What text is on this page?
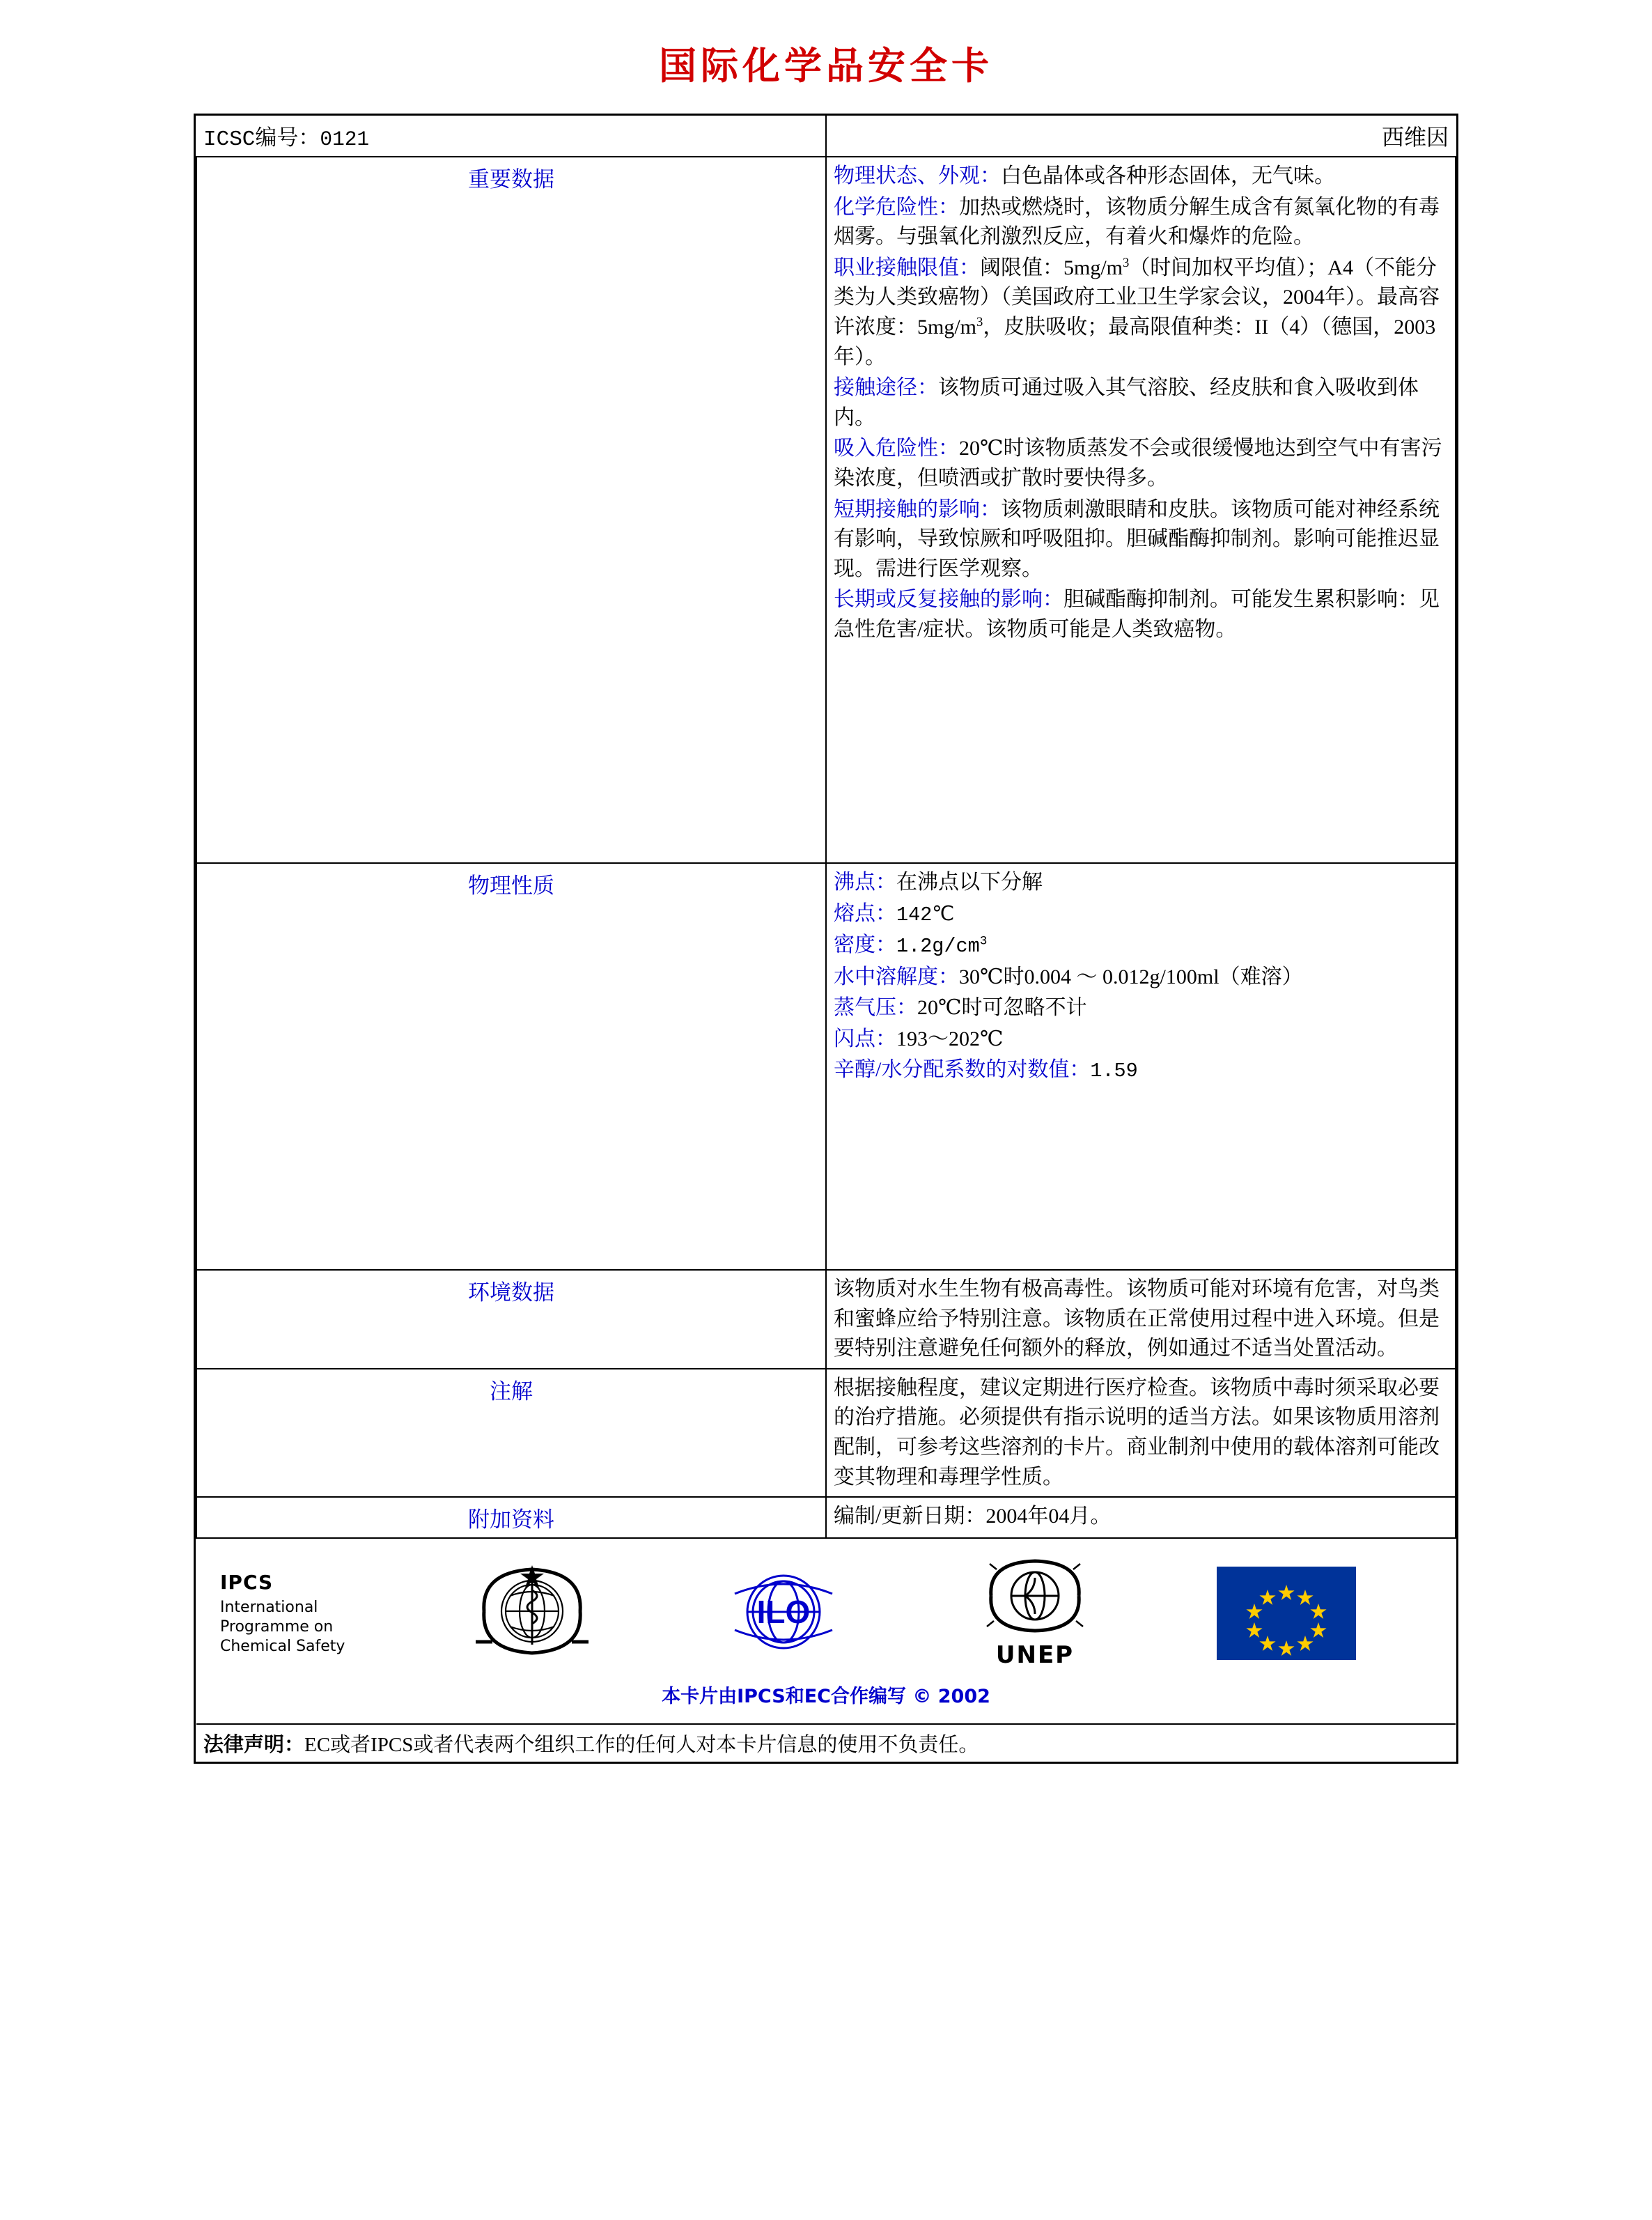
国际化学品安全卡
ICSC编号：0121	西维因
重要数据	物理状态、外观：白色晶体或各种形态固体，无气味。

化学危险性：加热或燃烧时，该物质分解生成含有氮氧化物的有毒烟雾。与强氧化剂激烈反应，有着火和爆炸的危险。

职业接触限值：阈限值：$5mg/m^3$（时间加权平均值）；A4（不能分类为人类致癌物）（美国政府工业卫生学家会议，2004年）。最高容许浓度：$5mg/m^3$，皮肤吸收；最高限值种类：II（4）（德国，2003年）。

接触途径：该物质可通过吸入其气溶胶、经皮肤和食入吸收到体内。

吸入危险性：20℃时该物质蒸发不会或很缓慢地达到空气中有害污染浓度，但喷洒或扩散时要快得多。

短期接触的影响：该物质刺激眼睛和皮肤。该物质可能对神经系统有影响，导致惊厥和呼吸阻抑。胆碱酯酶抑制剂。影响可能推迟显现。需进行医学观察。

长期或反复接触的影响：胆碱酯酶抑制剂。可能发生累积影响：见急性危害/症状。该物质可能是人类致癌物。

物理性质	沸点：在沸点以下分解

熔点：142℃

密度：$1.2g/cm^3$

水中溶解度：30℃时0.004 ～ 0.012g/100ml（难溶）

蒸气压：20℃时可忽略不计

闪点：193～202℃

辛醇/水分配系数的对数值：1.59

环境数据	该物质对水生生物有极高毒性。该物质可能对环境有危害，对鸟类和蜜蜂应给予特别注意。该物质在正常使用过程中进入环境。但是要特别注意避免任何额外的释放，例如通过不适当处置活动。
注解	根据接触程度，建议定期进行医疗检查。该物质中毒时须采取必要的治疗措施。必须提供有指示说明的适当方法。如果该物质用溶剂配制，可参考这些溶剂的卡片。商业制剂中使用的载体溶剂可能改变其物理和毒理学性质。
附加资料	编制/更新日期：2004年04月。

IPCS
International
Programme on
Chemical Safety
ILO
UNEP
本卡片由IPCS和EC合作编写 © 2002

法律声明：EC或者IPCS或者代表两个组织工作的任何人对本卡片信息的使用不负责任。	
